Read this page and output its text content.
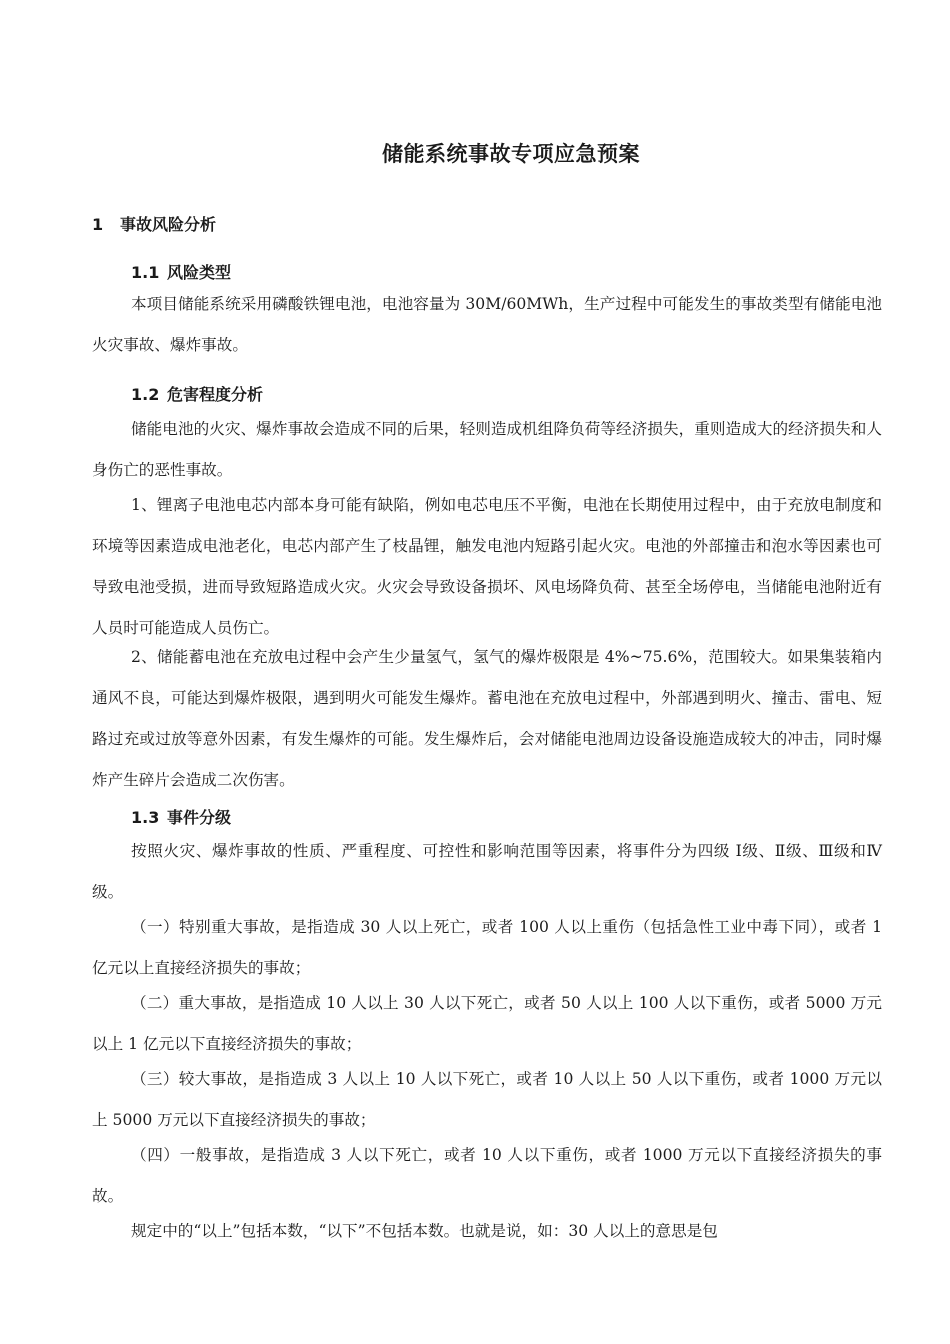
储能系统事故专项应急预案
1 事故风险分析
1.1 风险类型

本项目储能系统采用磷酸铁锂电池，电池容量为 30M/60MWh，生产过程中可能发生的事故类型有储能电池火灾事故、爆炸事故。

1.2 危害程度分析

储能电池的火灾、爆炸事故会造成不同的后果，轻则造成机组降负荷等经济损失，重则造成大的经济损失和人身伤亡的恶性事故。

1、锂离子电池电芯内部本身可能有缺陷，例如电芯电压不平衡，电池在长期使用过程中，由于充放电制度和环境等因素造成电池老化，电芯内部产生了枝晶锂，触发电池内短路引起火灾。电池的外部撞击和泡水等因素也可导致电池受损，进而导致短路造成火灾。火灾会导致设备损坏、风电场降负荷、甚至全场停电，当储能电池附近有人员时可能造成人员伤亡。

2、储能蓄电池在充放电过程中会产生少量氢气，氢气的爆炸极限是 4%~75.6%，范围较大。如果集装箱内通风不良，可能达到爆炸极限，遇到明火可能发生爆炸。蓄电池在充放电过程中，外部遇到明火、撞击、雷电、短路过充或过放等意外因素，有发生爆炸的可能。发生爆炸后，会对储能电池周边设备设施造成较大的冲击，同时爆炸产生碎片会造成二次伤害。

1.3 事件分级

按照火灾、爆炸事故的性质、严重程度、可控性和影响范围等因素，将事件分为四级 Ⅰ级、Ⅱ级、Ⅲ级和Ⅳ级。

（一）特别重大事故，是指造成 30 人以上死亡，或者 100 人以上重伤（包括急性工业中毒下同），或者 1 亿元以上直接经济损失的事故；

（二）重大事故，是指造成 10 人以上 30 人以下死亡，或者 50 人以上 100 人以下重伤，或者 5000 万元以上 1 亿元以下直接经济损失的事故；

（三）较大事故，是指造成 3 人以上 10 人以下死亡，或者 10 人以上 50 人以下重伤，或者 1000 万元以上 5000 万元以下直接经济损失的事故；

（四）一般事故，是指造成 3 人以下死亡，或者 10 人以下重伤，或者 1000 万元以下直接经济损失的事故。

规定中的“以上”包括本数，“以下”不包括本数。也就是说，如：30 人以上的意思是包
